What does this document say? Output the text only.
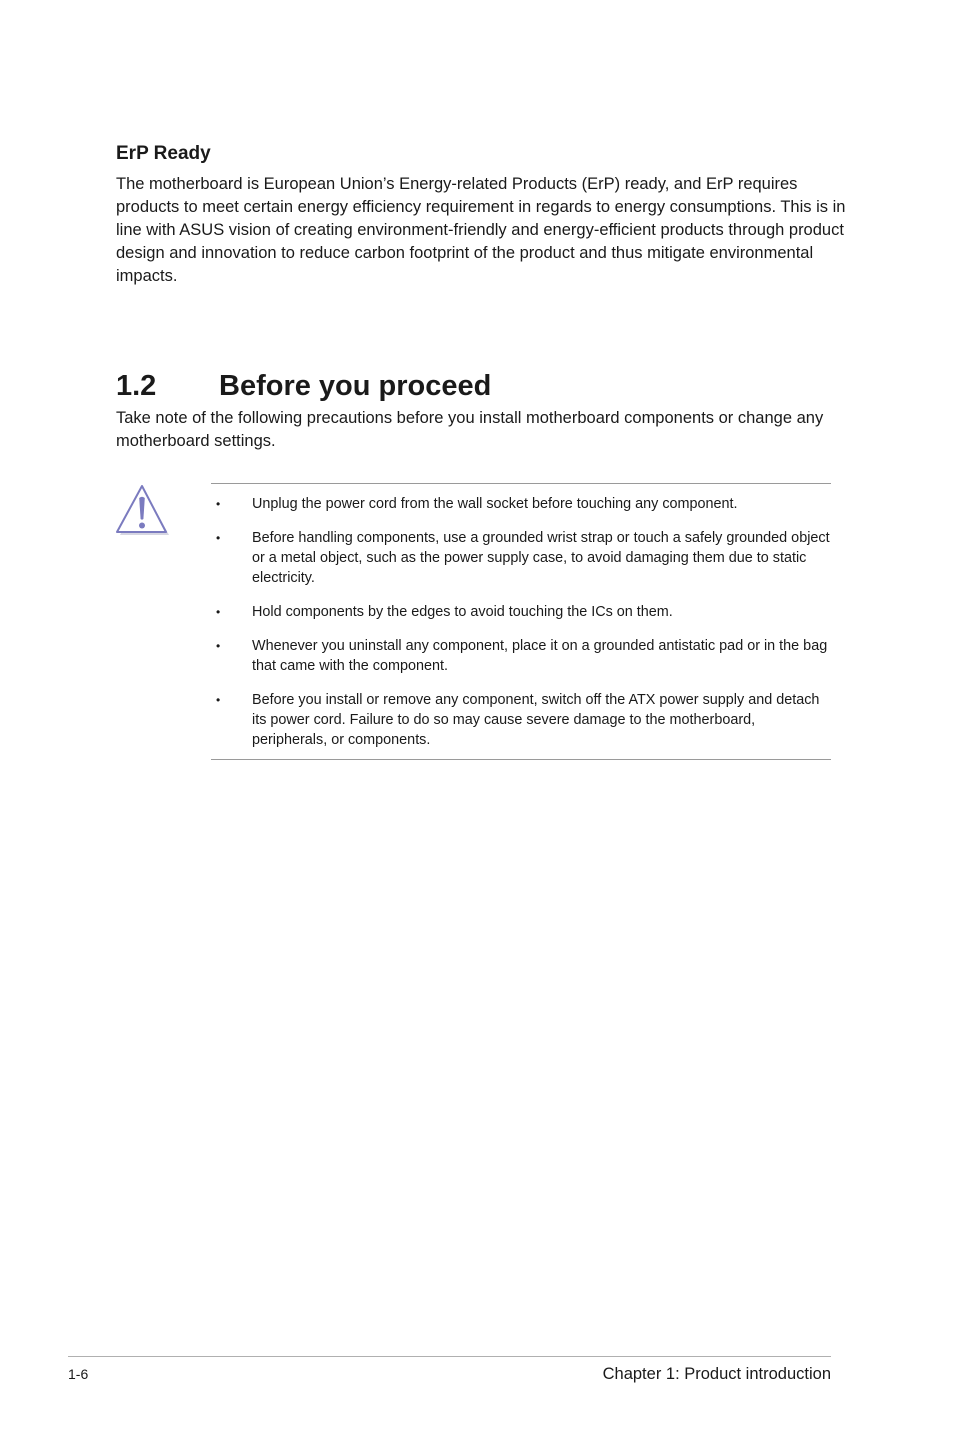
ErP Ready

The motherboard is European Union’s Energy-related Products (ErP) ready, and ErP requires products to meet certain energy efficiency requirement in regards to energy consumptions. This is in line with ASUS vision of creating environment-friendly and energy-efficient products through product design and innovation to reduce carbon footprint of the product and thus mitigate environmental impacts.

1.2 Before you proceed

Take note of the following precautions before you install motherboard components or change any motherboard settings.

• Unplug the power cord from the wall socket before touching any component.
• Before handling components, use a grounded wrist strap or touch a safely grounded object or a metal object, such as the power supply case, to avoid damaging them due to static electricity.
• Hold components by the edges to avoid touching the ICs on them.
• Whenever you uninstall any component, place it on a grounded antistatic pad or in the bag that came with the component.
• Before you install or remove any component, switch off the ATX power supply and detach its power cord. Failure to do so may cause severe damage to the motherboard, peripherals, or components.
1-6	Chapter 1: Product introduction
